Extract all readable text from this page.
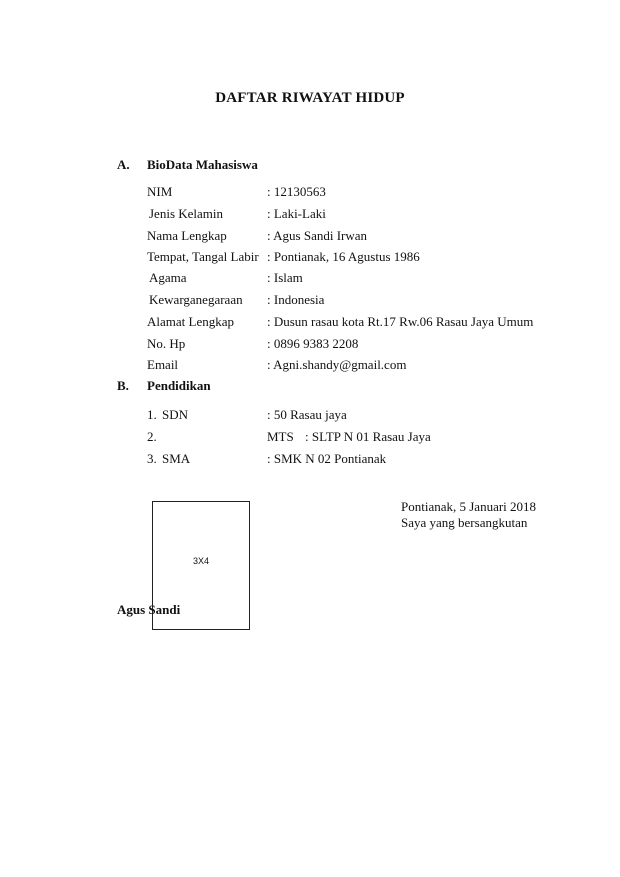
DAFTAR RIWAYAT HIDUP
A. BioData Mahasiswa
NIM	: 12130563
Jenis Kelamin	: Laki-Laki
Nama Lengkap	: Agus Sandi Irwan
Tempat, Tangal Labir : Pontianak, 16 Agustus 1986
Agama	: Islam
Kewarganegaraan : Indonesia
Alamat Lengkap	: Dusun rasau kota Rt.17 Rw.06 Rasau Jaya Umum
No. Hp	: 0896 9383 2208
Email	: Agni.shandy@gmail.com
B. Pendidikan
1. SDN	: 50 Rasau jaya
2.	MTS : SLTP N 01 Rasau Jaya
3. SMA	: SMK N 02 Pontianak
Pontianak, 5 Januari 2018
Saya yang bersangkutan
3X4
Agus Sandi
